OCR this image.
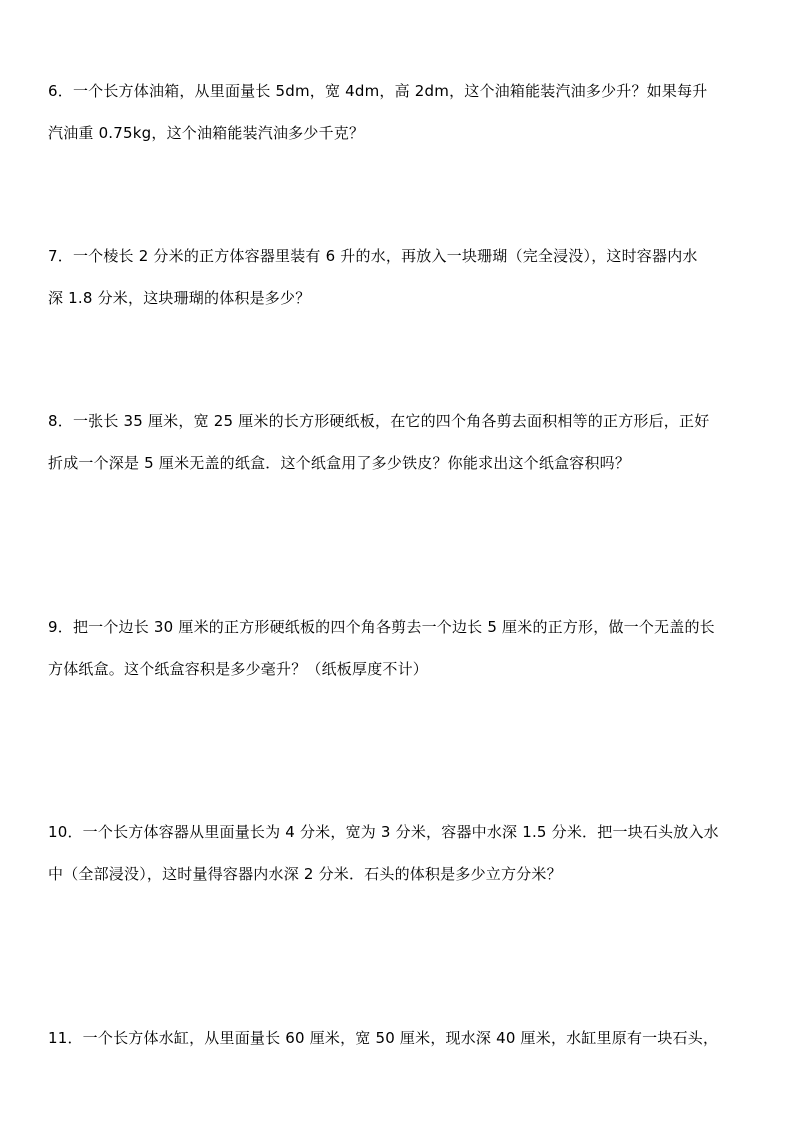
6．一个长方体油箱，从里面量长 5dm，宽 4dm，高 2dm，这个油箱能装汽油多少升？如果每升
汽油重 0.75kg，这个油箱能装汽油多少千克？
7．一个棱长 2 分米的正方体容器里装有 6 升的水，再放入一块珊瑚（完全浸没），这时容器内水
深 1.8 分米，这块珊瑚的体积是多少？
8．一张长 35 厘米，宽 25 厘米的长方形硬纸板，在它的四个角各剪去面积相等的正方形后，正好
折成一个深是 5 厘米无盖的纸盒．这个纸盒用了多少铁皮？你能求出这个纸盒容积吗？
9．把一个边长 30 厘米的正方形硬纸板的四个角各剪去一个边长 5 厘米的正方形，做一个无盖的长
方体纸盒。这个纸盒容积是多少毫升？（纸板厚度不计）
10．一个长方体容器从里面量长为 4 分米，宽为 3 分米，容器中水深 1.5 分米．把一块石头放入水
中（全部浸没），这时量得容器内水深 2 分米．石头的体积是多少立方分米？
11．一个长方体水缸，从里面量长 60 厘米，宽 50 厘米，现水深 40 厘米，水缸里原有一块石头，
